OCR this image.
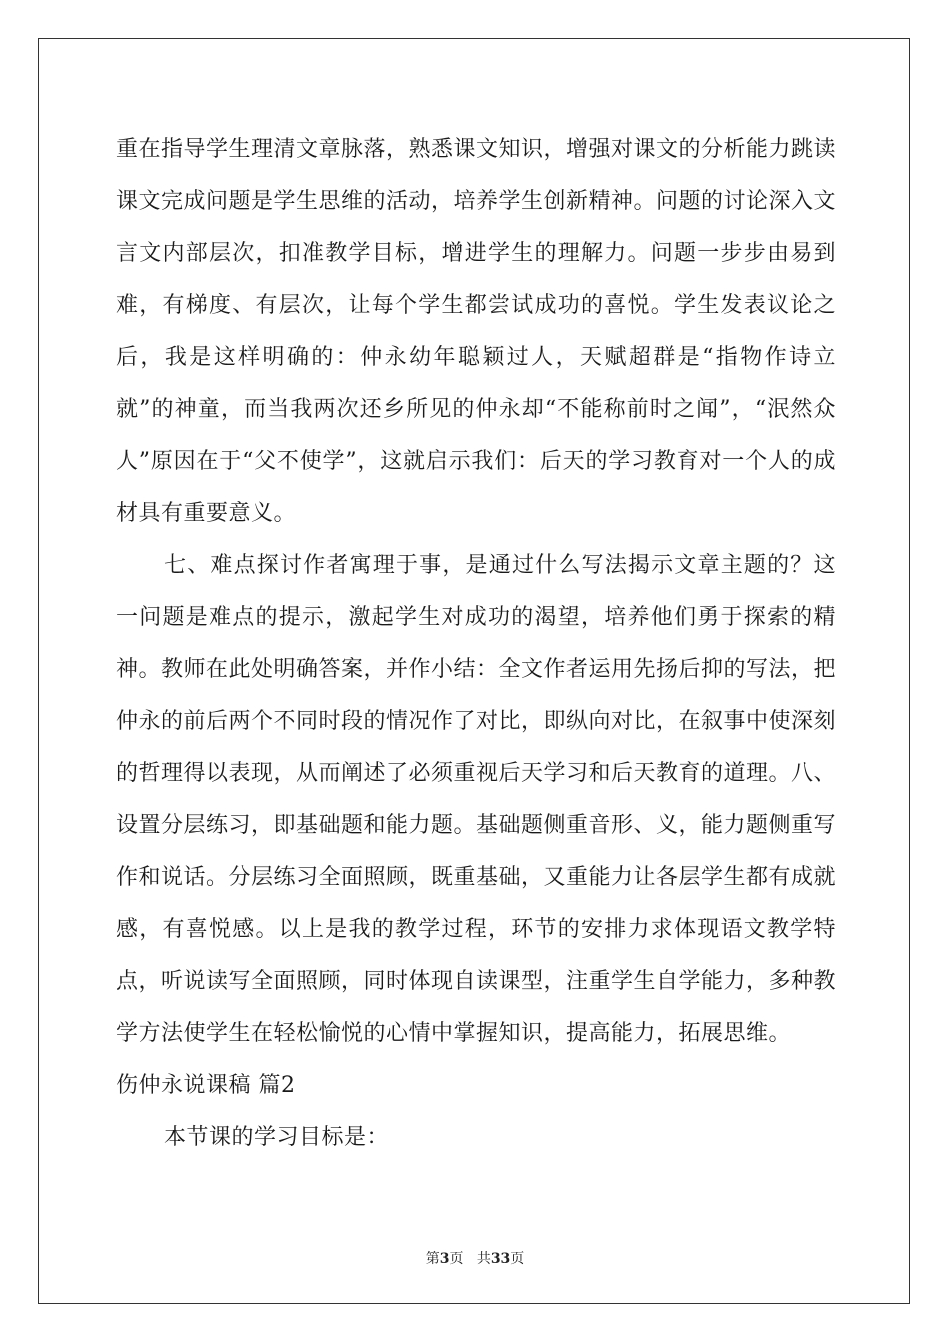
重在指导学生理清文章脉落，熟悉课文知识，增强对课文的分析能力跳读课文完成问题是学生思维的活动，培养学生创新精神。问题的讨论深入文言文内部层次，扣准教学目标，增进学生的理解力。问题一步步由易到难，有梯度、有层次，让每个学生都尝试成功的喜悦。学生发表议论之后，我是这样明确的：仲永幼年聪颖过人，天赋超群是“指物作诗立就”的神童，而当我两次还乡所见的仲永却“不能称前时之闻”，“泯然众人”原因在于“父不使学”，这就启示我们：后天的学习教育对一个人的成材具有重要意义。

七、难点探讨作者寓理于事，是通过什么写法揭示文章主题的？这一问题是难点的提示，激起学生对成功的渴望，培养他们勇于探索的精神。教师在此处明确答案，并作小结：全文作者运用先扬后抑的写法，把仲永的前后两个不同时段的情况作了对比，即纵向对比，在叙事中使深刻的哲理得以表现，从而阐述了必须重视后天学习和后天教育的道理。八、设置分层练习，即基础题和能力题。基础题侧重音形、义，能力题侧重写作和说话。分层练习全面照顾，既重基础，又重能力让各层学生都有成就感，有喜悦感。以上是我的教学过程，环节的安排力求体现语文教学特点，听说读写全面照顾，同时体现自读课型，注重学生自学能力，多种教学方法使学生在轻松愉悦的心情中掌握知识，提高能力，拓展思维。

伤仲永说课稿 篇2

本节课的学习目标是：

第3页 共33页
